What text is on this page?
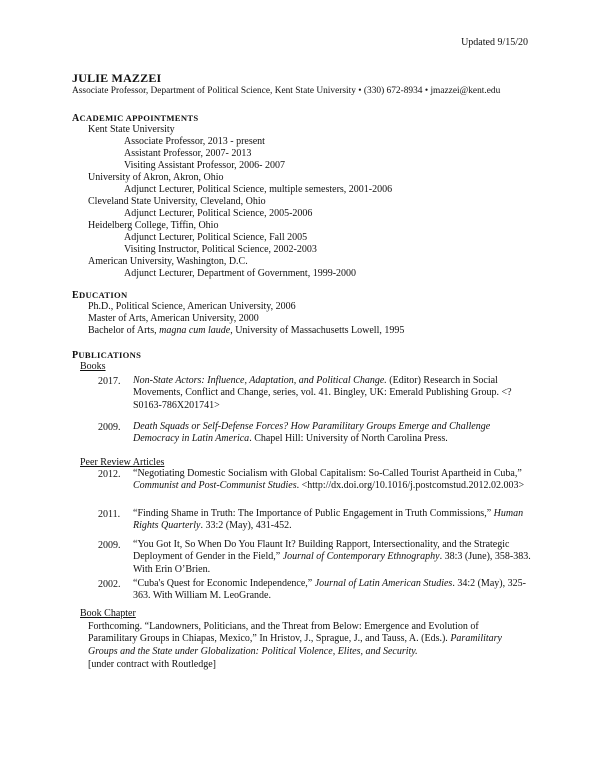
Updated 9/15/20
JULIE MAZZEI
Associate Professor, Department of Political Science, Kent State University • (330) 672-8934 • jmazzei@kent.edu
ACADEMIC APPOINTMENTS
Kent State University
Associate Professor, 2013 - present
Assistant Professor, 2007- 2013
Visiting Assistant Professor, 2006- 2007
University of Akron, Akron, Ohio
Adjunct Lecturer, Political Science, multiple semesters, 2001-2006
Cleveland State University, Cleveland, Ohio
Adjunct Lecturer, Political Science, 2005-2006
Heidelberg College, Tiffin, Ohio
Adjunct Lecturer, Political Science, Fall 2005
Visiting Instructor, Political Science, 2002-2003
American University, Washington, D.C.
Adjunct Lecturer, Department of Government, 1999-2000
EDUCATION
Ph.D., Political Science, American University, 2006
Master of Arts, American University, 2000
Bachelor of Arts, magna cum laude, University of Massachusetts Lowell, 1995
PUBLICATIONS
Books
2017. Non-State Actors: Influence, Adaptation, and Political Change. (Editor) Research in Social Movements, Conflict and Change, series, vol. 41. Bingley, UK: Emerald Publishing Group. <?S0163-786X201741>
2009. Death Squads or Self-Defense Forces? How Paramilitary Groups Emerge and Challenge Democracy in Latin America. Chapel Hill: University of North Carolina Press.
Peer Review Articles
2012. “Negotiating Domestic Socialism with Global Capitalism: So-Called Tourist Apartheid in Cuba,” Communist and Post-Communist Studies. <http://dx.doi.org/10.1016/j.postcomstud.2012.02.003>
2011. “Finding Shame in Truth: The Importance of Public Engagement in Truth Commissions,” Human Rights Quarterly. 33:2 (May), 431-452.
2009. “You Got It, So When Do You Flaunt It? Building Rapport, Intersectionality, and the Strategic Deployment of Gender in the Field,” Journal of Contemporary Ethnography. 38:3 (June), 358-383. With Erin O’Brien.
2002. “Cuba's Quest for Economic Independence,” Journal of Latin American Studies. 34:2 (May), 325-363. With William M. LeoGrande.
Book Chapter
Forthcoming. “Landowners, Politicians, and the Threat from Below: Emergence and Evolution of Paramilitary Groups in Chiapas, Mexico,” In Hristov, J., Sprague, J., and Tauss, A. (Eds.). Paramilitary Groups and the State under Globalization: Political Violence, Elites, and Security.
[under contract with Routledge]
